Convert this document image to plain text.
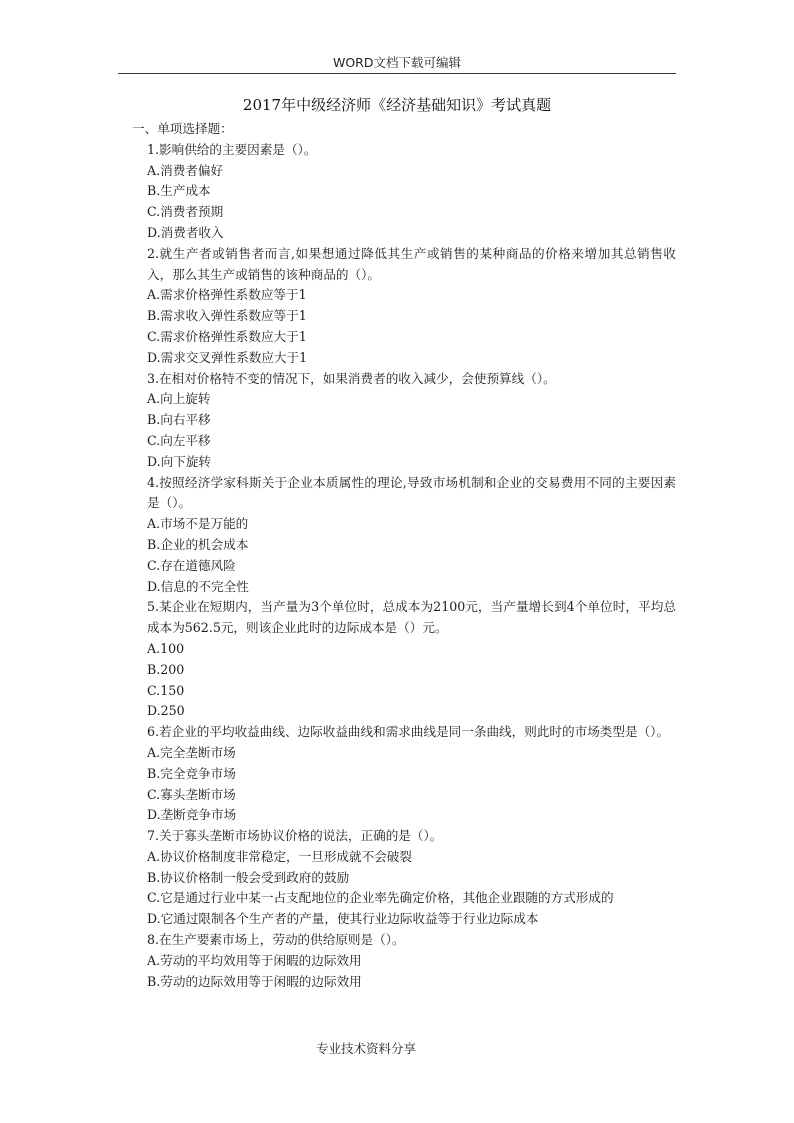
WORD文档下载可编辑
2017年中级经济师《经济基础知识》考试真题
一、单项选择题：
1.影响供给的主要因素是（）。
A.消费者偏好
B.生产成本
C.消费者预期
D.消费者收入
2.就生产者或销售者而言,如果想通过降低其生产或销售的某种商品的价格来增加其总销售收入，那么其生产或销售的该种商品的（）。
A.需求价格弹性系数应等于1
B.需求收入弹性系数应等于1
C.需求价格弹性系数应大于1
D.需求交叉弹性系数应大于1
3.在相对价格特不变的情况下，如果消费者的收入减少，会使预算线（）。
A.向上旋转
B.向右平移
C.向左平移
D.向下旋转
4.按照经济学家科斯关于企业本质属性的理论,导致市场机制和企业的交易费用不同的主要因素是（）。
A.市场不是万能的
B.企业的机会成本
C.存在道德风险
D.信息的不完全性
5.某企业在短期内，当产量为3个单位时，总成本为2100元，当产量增长到4个单位时，平均总成本为562.5元，则该企业此时的边际成本是（）元。
A.100
B.200
C.150
D.250
6.若企业的平均收益曲线、边际收益曲线和需求曲线是同一条曲线，则此时的市场类型是（）。
A.完全垄断市场
B.完全竞争市场
C.寡头垄断市场
D.垄断竞争市场
7.关于寡头垄断市场协议价格的说法，正确的是（）。
A.协议价格制度非常稳定，一旦形成就不会破裂
B.协议价格制一般会受到政府的鼓励
C.它是通过行业中某一占支配地位的企业率先确定价格，其他企业跟随的方式形成的
D.它通过限制各个生产者的产量，使其行业边际收益等于行业边际成本
8.在生产要素市场上，劳动的供给原则是（）。
A.劳动的平均效用等于闲暇的边际效用
B.劳动的边际效用等于闲暇的边际效用
专业技术资料分享
